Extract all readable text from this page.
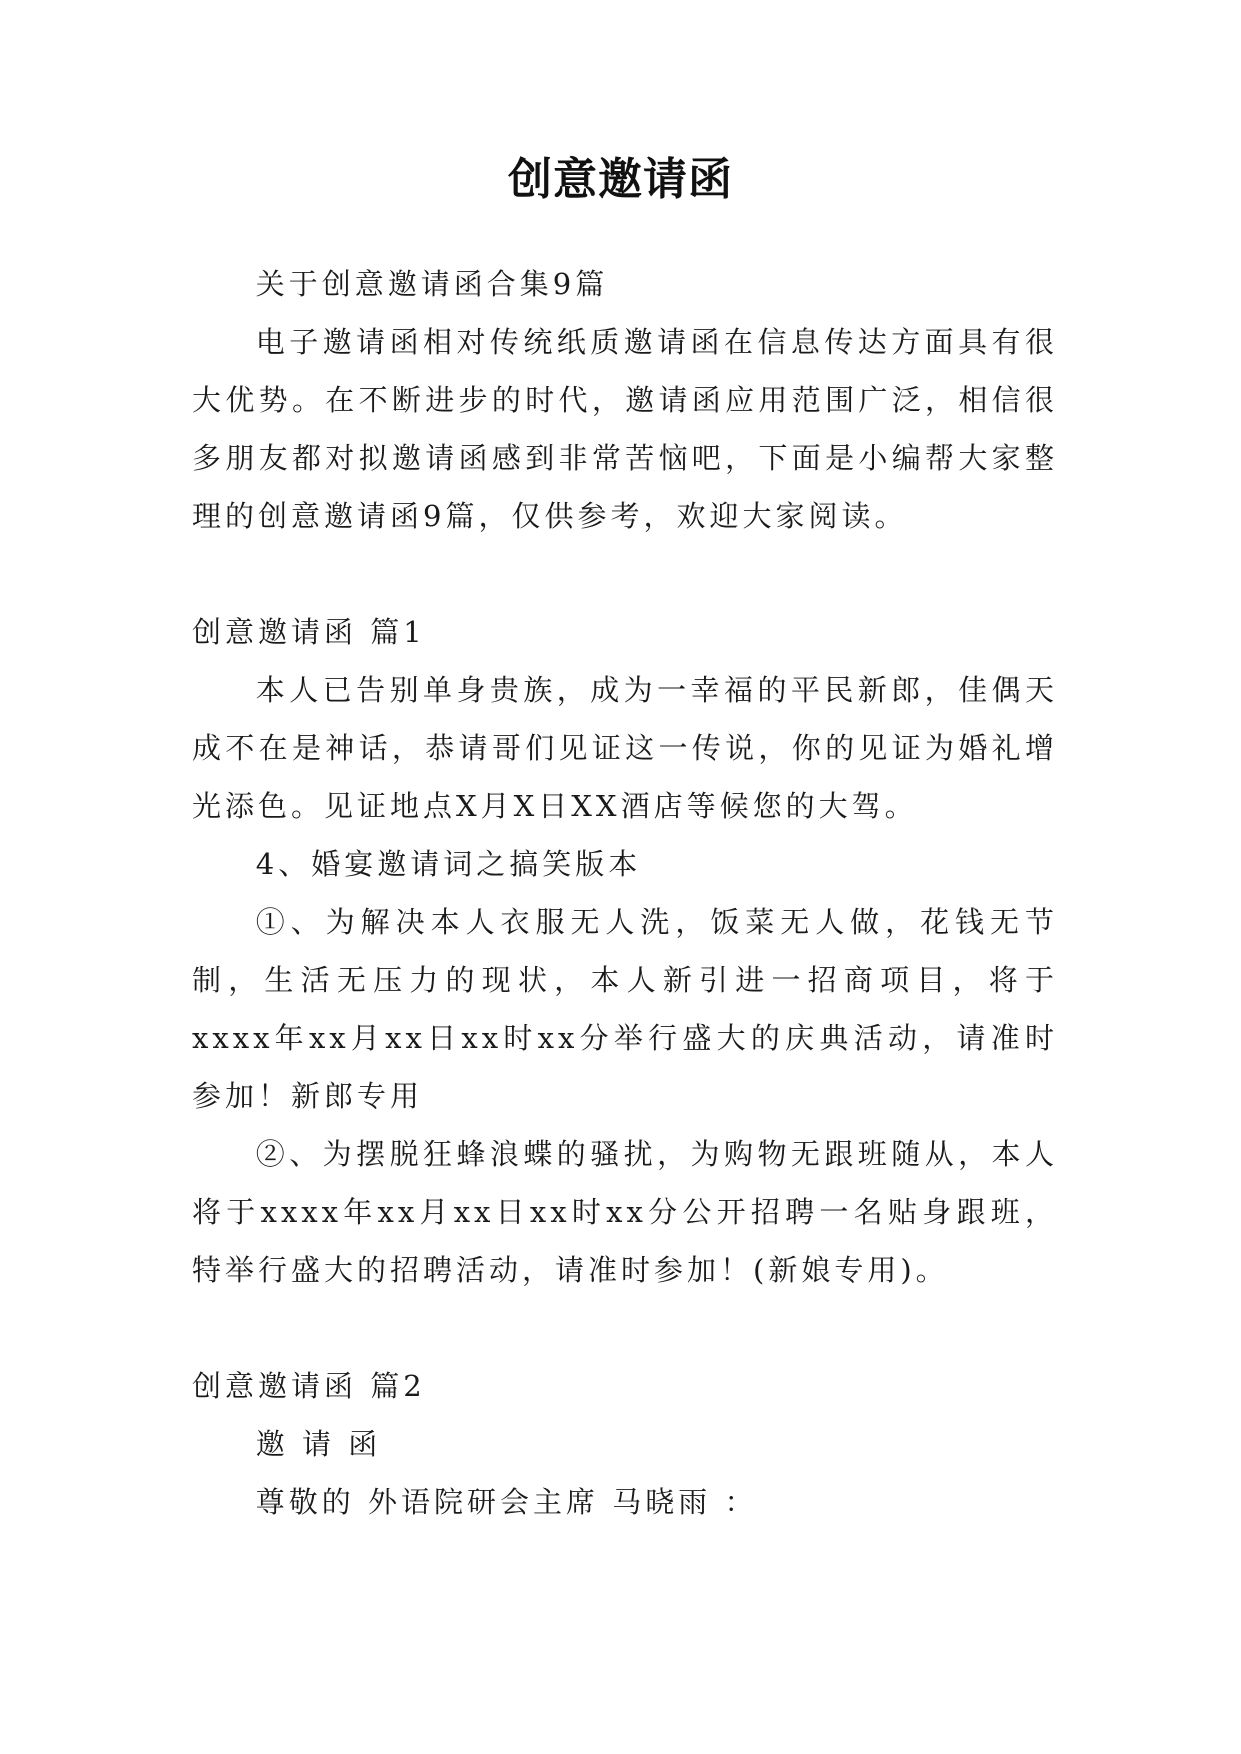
创意邀请函

关于创意邀请函合集9篇

电子邀请函相对传统纸质邀请函在信息传达方面具有很大优势。在不断进步的时代，邀请函应用范围广泛，相信很多朋友都对拟邀请函感到非常苦恼吧，下面是小编帮大家整理的创意邀请函9篇，仅供参考，欢迎大家阅读。

创意邀请函 篇1

本人已告别单身贵族，成为一幸福的平民新郎，佳偶天成不在是神话，恭请哥们见证这一传说，你的见证为婚礼增光添色。见证地点X月X日XX酒店等候您的大驾。

4、婚宴邀请词之搞笑版本

①、为解决本人衣服无人洗，饭菜无人做，花钱无节制，生活无压力的现状，本人新引进一招商项目，将于xxxx年xx月xx日xx时xx分举行盛大的庆典活动，请准时参加！新郎专用

②、为摆脱狂蜂浪蝶的骚扰，为购物无跟班随从，本人将于xxxx年xx月xx日xx时xx分公开招聘一名贴身跟班，特举行盛大的招聘活动，请准时参加！(新娘专用)。

创意邀请函 篇2

邀 请 函

尊敬的 外语院研会主席 马晓雨 ：
